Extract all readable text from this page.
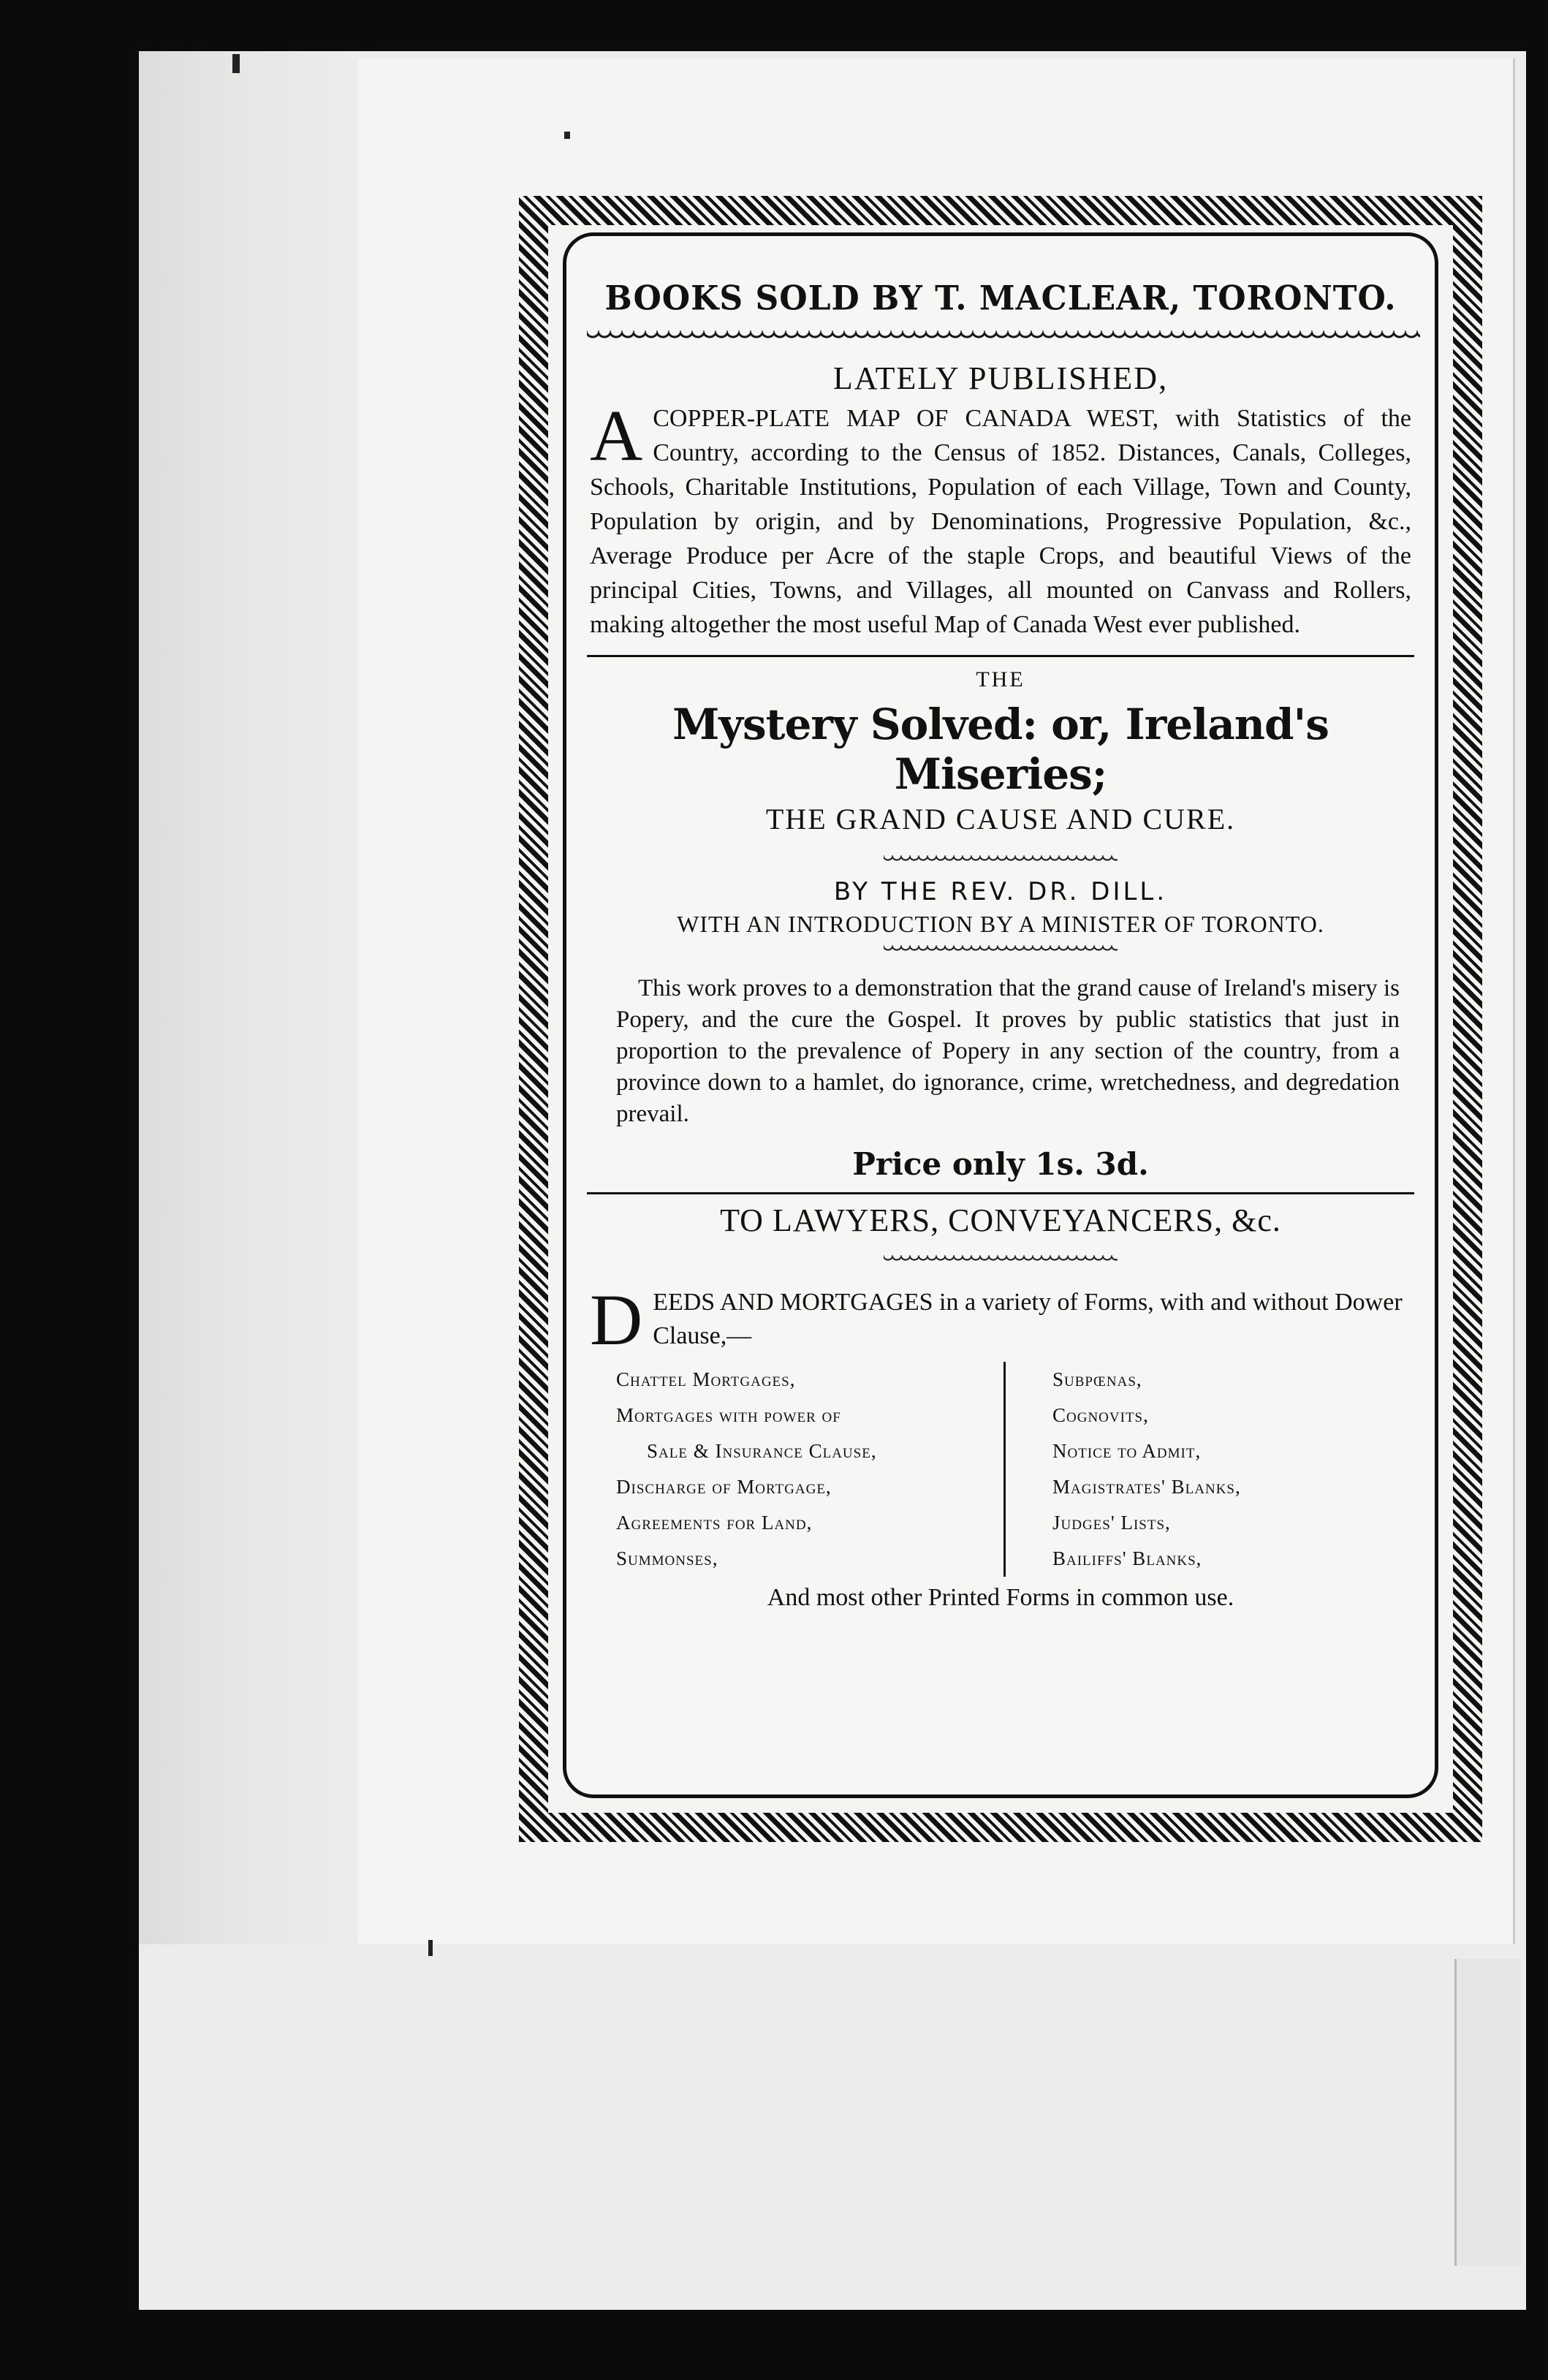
BOOKS SOLD BY T. MACLEAR, TORONTO.
LATELY PUBLISHED,
ACOPPER-PLATE MAP OF CANADA WEST, with Statistics of the Country, according to the Census of 1852. Distances, Canals, Colleges, Schools, Charitable Institutions, Population of each Village, Town and County, Population by origin, and by Denominations, Progressive Population, &c., Average Produce per Acre of the staple Crops, and beautiful Views of the principal Cities, Towns, and Villages, all mounted on Canvass and Rollers, making altogether the most useful Map of Canada West ever published.
THE
Mystery Solved: or, Ireland's Miseries;
THE GRAND CAUSE AND CURE.
BY THE REV. DR. DILL.
WITH AN INTRODUCTION BY A MINISTER OF TORONTO.
This work proves to a demonstration that the grand cause of Ireland's misery is Popery, and the cure the Gospel. It proves by public statistics that just in proportion to the prevalence of Popery in any section of the country, from a province down to a hamlet, do ignorance, crime, wretchedness, and degredation prevail.
Price only 1s. 3d.
TO LAWYERS, CONVEYANCERS, &c.
DEEDS AND MORTGAGES in a variety of Forms, with and without Dower Clause,—
Chattel Mortgages,
Mortgages with power of
Sale & Insurance Clause,
Discharge of Mortgage,
Agreements for Land,
Summonses,
Subpœnas,
Cognovits,
Notice to Admit,
Magistrates' Blanks,
Judges' Lists,
Bailiffs' Blanks,
And most other Printed Forms in common use.
